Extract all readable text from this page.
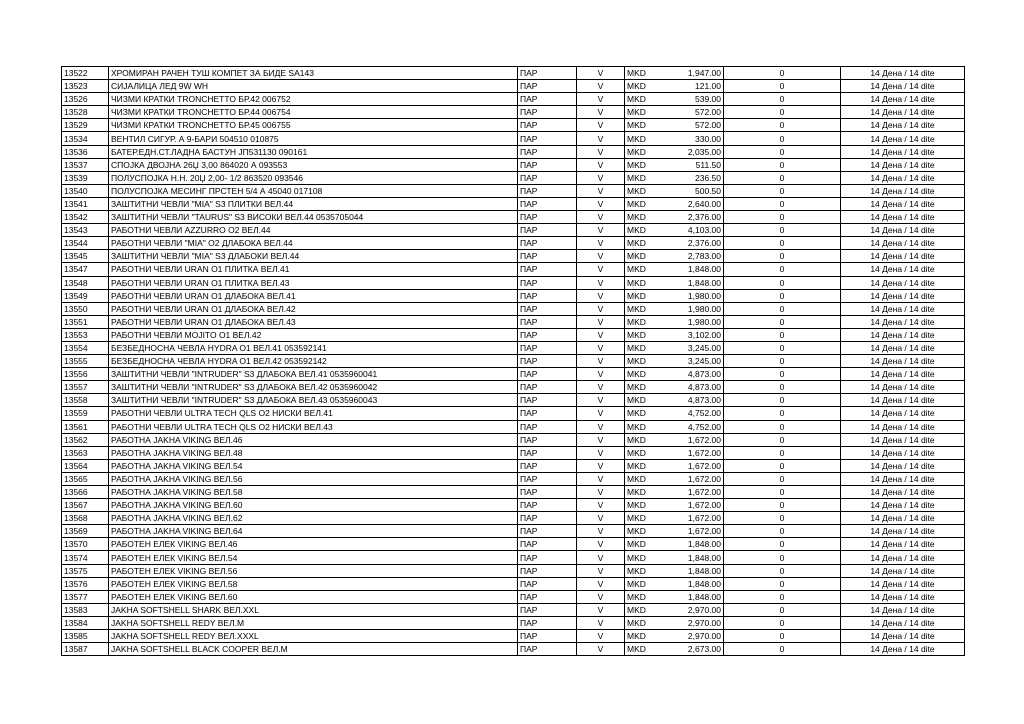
13522	ХРОМИРАН РАЧЕН ТУШ КОМПЕТ ЗА БИДЕ SA143	ПАР	V	MKD	1,947.00	0	14 Дена / 14 dite
13523	СИЈАЛИЦА ЛЕД 9W WH	ПАР	V	MKD	121.00	0	14 Дена / 14 dite
13526	ЧИЗМИ КРАТКИ TRONCHETTO БР.42 006752	ПАР	V	MKD	539.00	0	14 Дена / 14 dite
13528	ЧИЗМИ КРАТКИ TRONCHETTO БР.44 006754	ПАР	V	MKD	572.00	0	14 Дена / 14 dite
13529	ЧИЗМИ КРАТКИ TRONCHETTO БР.45 006755	ПАР	V	MKD	572.00	0	14 Дена / 14 dite
13534	ВЕНТИЛ СИГУР. А 9-БАРИ 504510 010875	ПАР	V	MKD	330.00	0	14 Дена / 14 dite
13536	БАТЕР.ЕДН.СТ.ЛАДНА БАСТУН ЈП531130 090161	ПАР	V	MKD	2,035.00	0	14 Дена / 14 dite
13537	СПОЈКА ДВОЈНА 26Џ 3,00 864020 А 093553	ПАР	V	MKD	511.50	0	14 Дена / 14 dite
13539	ПОЛУСПОЈКА Н.Н. 20Џ 2,00- 1/2 863520 093546	ПАР	V	MKD	236.50	0	14 Дена / 14 dite
13540	ПОЛУСПОЈКА МЕСИНГ ПРСТЕН 5/4 А 45040 017108	ПАР	V	MKD	500.50	0	14 Дена / 14 dite
13541	ЗАШТИТНИ ЧЕВЛИ "MIA" S3 ПЛИТКИ ВЕЛ.44	ПАР	V	MKD	2,640.00	0	14 Дена / 14 dite
13542	ЗАШТИТНИ ЧЕВЛИ "TAURUS" S3 ВИСОКИ ВЕЛ.44 0535705044	ПАР	V	MKD	2,376.00	0	14 Дена / 14 dite
13543	РАБОТНИ ЧЕВЛИ AZZURRO O2 ВЕЛ.44	ПАР	V	MKD	4,103.00	0	14 Дена / 14 dite
13544	РАБОТНИ ЧЕВЛИ "MIA" O2 ДЛАБОКА ВЕЛ.44	ПАР	V	MKD	2,376.00	0	14 Дена / 14 dite
13545	ЗАШТИТНИ ЧЕВЛИ "MIA" S3 ДЛАБОКИ ВЕЛ.44	ПАР	V	MKD	2,783.00	0	14 Дена / 14 dite
13547	РАБОТНИ ЧЕВЛИ URAN O1 ПЛИТКА ВЕЛ.41	ПАР	V	MKD	1,848.00	0	14 Дена / 14 dite
13548	РАБОТНИ ЧЕВЛИ URAN O1 ПЛИТКА ВЕЛ.43	ПАР	V	MKD	1,848.00	0	14 Дена / 14 dite
13549	РАБОТНИ ЧЕВЛИ URAN O1 ДЛАБОКА ВЕЛ.41	ПАР	V	MKD	1,980.00	0	14 Дена / 14 dite
13550	РАБОТНИ ЧЕВЛИ URAN O1 ДЛАБОКА ВЕЛ.42	ПАР	V	MKD	1,980.00	0	14 Дена / 14 dite
13551	РАБОТНИ ЧЕВЛИ URAN O1 ДЛАБОКА ВЕЛ.43	ПАР	V	MKD	1,980.00	0	14 Дена / 14 dite
13553	РАБОТНИ ЧЕВЛИ MOJITO O1 ВЕЛ.42	ПАР	V	MKD	3,102.00	0	14 Дена / 14 dite
13554	БЕЗБЕДНОСНА ЧЕВЛА HYDRA O1 ВЕЛ.41 053592141	ПАР	V	MKD	3,245.00	0	14 Дена / 14 dite
13555	БЕЗБЕДНОСНА ЧЕВЛА HYDRA O1 ВЕЛ.42 053592142	ПАР	V	MKD	3,245.00	0	14 Дена / 14 dite
13556	ЗАШТИТНИ ЧЕВЛИ "INTRUDER" S3 ДЛАБОКА ВЕЛ.41 0535960041	ПАР	V	MKD	4,873.00	0	14 Дена / 14 dite
13557	ЗАШТИТНИ ЧЕВЛИ "INTRUDER" S3 ДЛАБОКА ВЕЛ.42 0535960042	ПАР	V	MKD	4,873.00	0	14 Дена / 14 dite
13558	ЗАШТИТНИ ЧЕВЛИ "INTRUDER" S3 ДЛАБОКА ВЕЛ.43 0535960043	ПАР	V	MKD	4,873.00	0	14 Дена / 14 dite
13559	РАБОТНИ ЧЕВЛИ ULTRA TECH QLS O2 НИСКИ ВЕЛ.41	ПАР	V	MKD	4,752.00	0	14 Дена / 14 dite
13561	РАБОТНИ ЧЕВЛИ ULTRA TECH QLS O2 НИСКИ ВЕЛ.43	ПАР	V	MKD	4,752.00	0	14 Дена / 14 dite
13562	РАБОТНА JAKHA VIKING ВЕЛ.46	ПАР	V	MKD	1,672.00	0	14 Дена / 14 dite
13563	РАБОТНА JAKHA VIKING ВЕЛ.48	ПАР	V	MKD	1,672.00	0	14 Дена / 14 dite
13564	РАБОТНА JAKHA VIKING ВЕЛ.54	ПАР	V	MKD	1,672.00	0	14 Дена / 14 dite
13565	РАБОТНА JAKHA VIKING ВЕЛ.56	ПАР	V	MKD	1,672.00	0	14 Дена / 14 dite
13566	РАБОТНА JAKHA VIKING ВЕЛ.58	ПАР	V	MKD	1,672.00	0	14 Дена / 14 dite
13567	РАБОТНА JAKHA VIKING ВЕЛ.60	ПАР	V	MKD	1,672.00	0	14 Дена / 14 dite
13568	РАБОТНА JAKHA VIKING ВЕЛ.62	ПАР	V	MKD	1,672.00	0	14 Дена / 14 dite
13569	РАБОТНА JAKHA VIKING ВЕЛ.64	ПАР	V	MKD	1,672.00	0	14 Дена / 14 dite
13570	РАБОТЕН ЕЛЕК VIKING ВЕЛ.46	ПАР	V	MKD	1,848.00	0	14 Дена / 14 dite
13574	РАБОТЕН ЕЛЕК VIKING ВЕЛ.54	ПАР	V	MKD	1,848.00	0	14 Дена / 14 dite
13575	РАБОТЕН ЕЛЕК VIKING ВЕЛ.56	ПАР	V	MKD	1,848.00	0	14 Дена / 14 dite
13576	РАБОТЕН ЕЛЕК VIKING ВЕЛ.58	ПАР	V	MKD	1,848.00	0	14 Дена / 14 dite
13577	РАБОТЕН ЕЛЕК VIKING ВЕЛ.60	ПАР	V	MKD	1,848.00	0	14 Дена / 14 dite
13583	JAKHA SOFTSHELL SHARK ВЕЛ.XXL	ПАР	V	MKD	2,970.00	0	14 Дена / 14 dite
13584	JAKHA SOFTSHELL REDY ВЕЛ.M	ПАР	V	MKD	2,970.00	0	14 Дена / 14 dite
13585	JAKHA SOFTSHELL REDY ВЕЛ.XXXL	ПАР	V	MKD	2,970.00	0	14 Дена / 14 dite
13587	JAKHA SOFTSHELL BLACK COOPER ВЕЛ.M	ПАР	V	MKD	2,673.00	0	14 Дена / 14 dite
